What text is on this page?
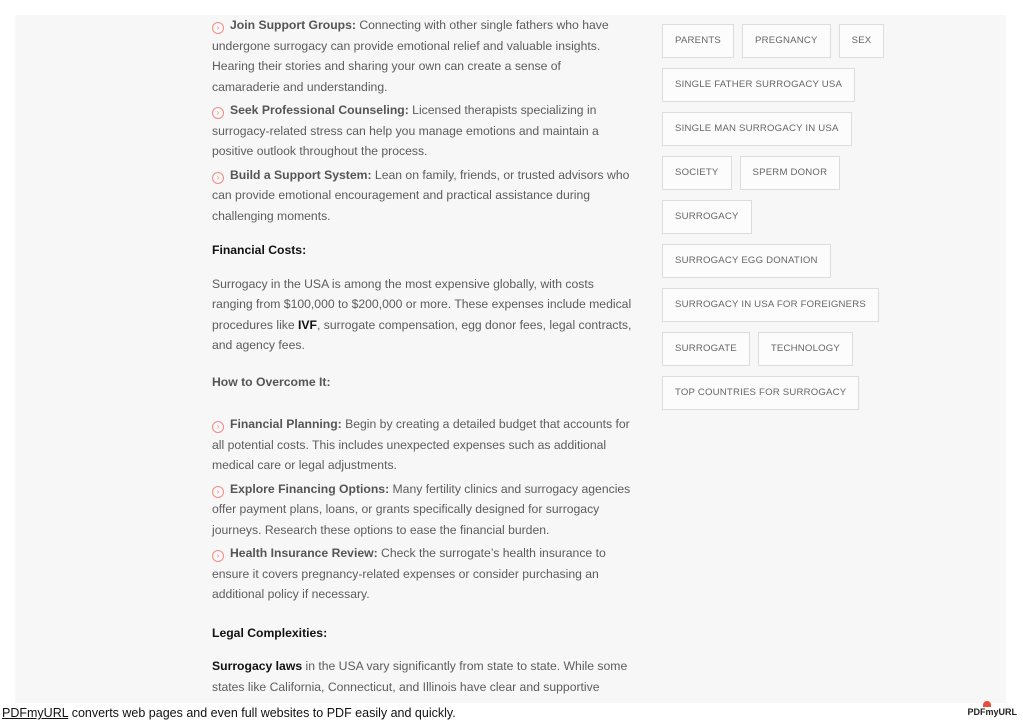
› Join Support Groups: Connecting with other single fathers who have undergone surrogacy can provide emotional relief and valuable insights. Hearing their stories and sharing your own can create a sense of camaraderie and understanding.

› Seek Professional Counseling: Licensed therapists specializing in surrogacy-related stress can help you manage emotions and maintain a positive outlook throughout the process.

› Build a Support System: Lean on family, friends, or trusted advisors who can provide emotional encouragement and practical assistance during challenging moments.

Financial Costs:

Surrogacy in the USA is among the most expensive globally, with costs ranging from $100,000 to $200,000 or more. These expenses include medical procedures like IVF, surrogate compensation, egg donor fees, legal contracts, and agency fees.

How to Overcome It:

› Financial Planning: Begin by creating a detailed budget that accounts for all potential costs. This includes unexpected expenses such as additional medical care or legal adjustments.

› Explore Financing Options: Many fertility clinics and surrogacy agencies offer payment plans, loans, or grants specifically designed for surrogacy journeys. Research these options to ease the financial burden.

› Health Insurance Review: Check the surrogate’s health insurance to ensure it covers pregnancy-related expenses or consider purchasing an additional policy if necessary.

Legal Complexities:

Surrogacy laws in the USA vary significantly from state to state. While some states like California, Connecticut, and Illinois have clear and supportive

PARENTS	PREGNANCY	SEX
SINGLE FATHER SURROGACY USA
SINGLE MAN SURROGACY IN USA
SOCIETY	SPERM DONOR
SURROGACY
SURROGACY EGG DONATION
SURROGACY IN USA FOR FOREIGNERS
SURROGATE	TECHNOLOGY
TOP COUNTRIES FOR SURROGACY
PDFmyURL converts web pages and even full websites to PDF easily and quickly.	PDFmyURL
